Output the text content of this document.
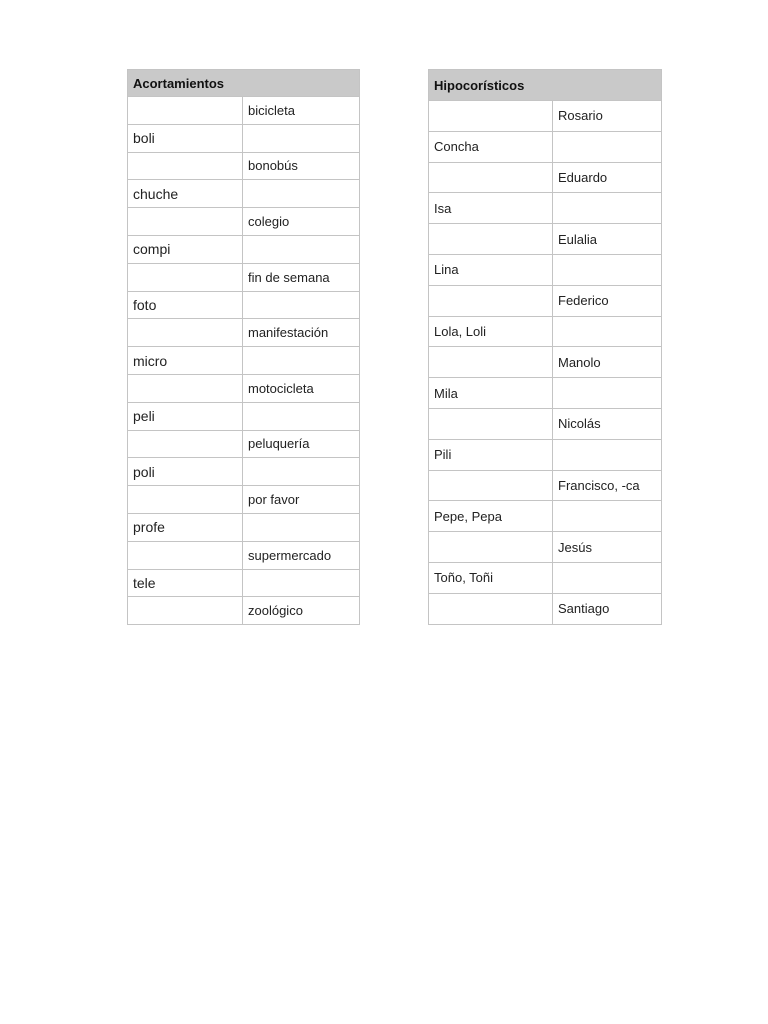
Acortamientos	
	bicicleta
boli	
	bonobús
chuche	
	colegio
compi	
	fin de semana
foto	
	manifestación
micro	
	motocicleta
peli	
	peluquería
poli	
	por favor
profe	
	supermercado
tele	
	zoológico
Hipocorísticos	
	Rosario
Concha	
	Eduardo
Isa	
	Eulalia
Lina	
	Federico
Lola, Loli	
	Manolo
Mila	
	Nicolás
Pili	
	Francisco, -ca
Pepe, Pepa	
	Jesús
Toño, Toñi	
	Santiago
